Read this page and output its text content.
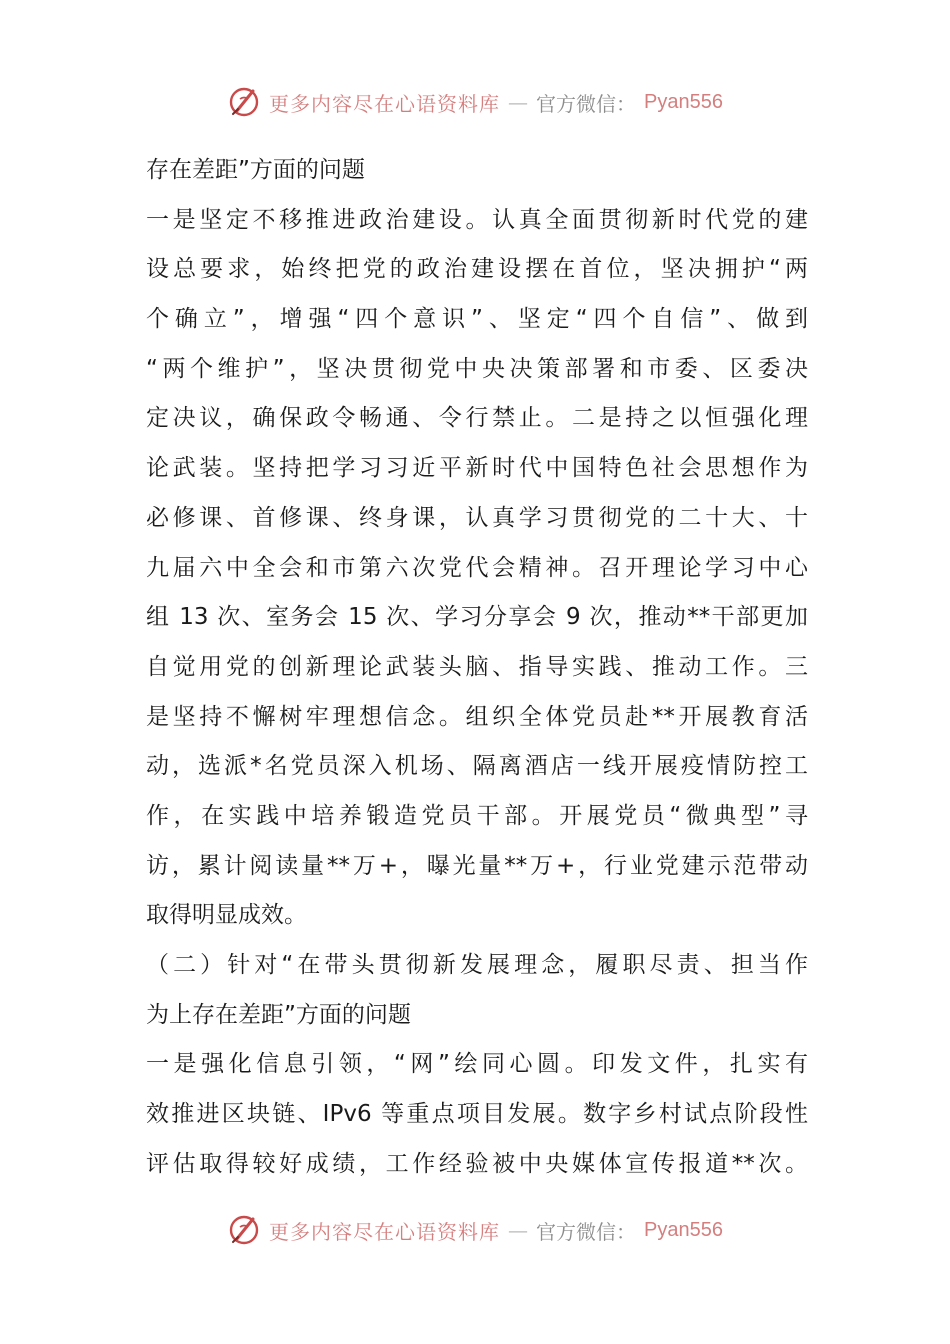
更多内容尽在心语资料库 — 官方微信： Pyan556
存在差距”方面的问题
一是坚定不移推进政治建设。认真全面贯彻新时代党的建
设总要求，始终把党的政治建设摆在首位，坚决拥护“两
个确立”，增强“四个意识”、坚定“四个自信”、做到
“两个维护”，坚决贯彻党中央决策部署和市委、区委决
定决议，确保政令畅通、令行禁止。二是持之以恒强化理
论武装。坚持把学习习近平新时代中国特色社会思想作为
必修课、首修课、终身课，认真学习贯彻党的二十大、十
九届六中全会和市第六次党代会精神。召开理论学习中心
组 13 次、室务会 15 次、学习分享会 9 次，推动**干部更加
自觉用党的创新理论武装头脑、指导实践、推动工作。三
是坚持不懈树牢理想信念。组织全体党员赴**开展教育活
动，选派*名党员深入机场、隔离酒店一线开展疫情防控工
作，在实践中培养锻造党员干部。开展党员“微典型”寻
访，累计阅读量**万+，曝光量**万+，行业党建示范带动
取得明显成效。
（二）针对“在带头贯彻新发展理念，履职尽责、担当作
为上存在差距”方面的问题
一是强化信息引领，“网”绘同心圆。印发文件，扎实有
效推进区块链、IPv6 等重点项目发展。数字乡村试点阶段性
评估取得较好成绩，工作经验被中央媒体宣传报道**次。
更多内容尽在心语资料库 — 官方微信： Pyan556
